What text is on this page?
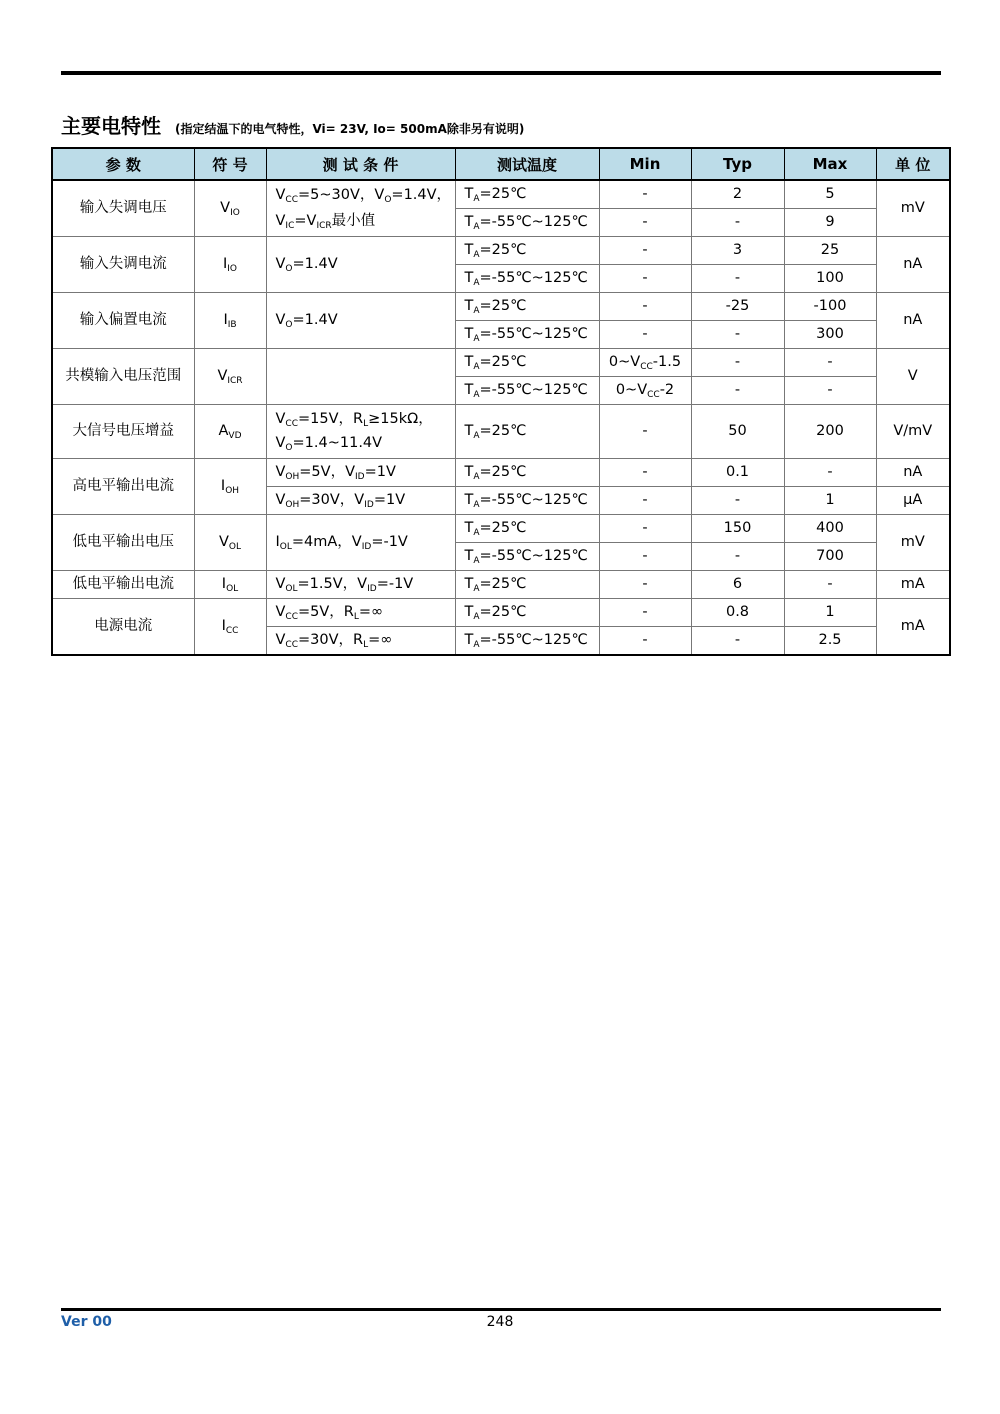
主要电特性 (指定结温下的电气特性，Vi= 23V, Io= 500mA除非另有说明)
参 数	符 号	测 试 条 件	测试温度	Min	Typ	Max	单 位
输入失调电压	$V_{IO}$	$V_{CC}=5\sim 30V$，$V_O=1.4V$，
$V_{IC}=V_{ICR}$最小值	$T_A=25℃$	-	2	5	mV
			$T_A=-55℃\sim 125℃$	-	-	9	
输入失调电流	$I_{IO}$	$V_O=1.4V$	$T_A=25℃$	-	3	25	nA
			$T_A=-55℃\sim 125℃$	-	-	100	
输入偏置电流	$I_{IB}$	$V_O=1.4V$	$T_A=25℃$	-	-25	-100	nA
			$T_A=-55℃\sim 125℃$	-	-	300	
共模输入电压范围	$V_{ICR}$		$T_A=25℃$	$0\sim V_{CC}-1.5$	-	-	V
			$T_A=-55℃\sim 125℃$	$0\sim V_{CC}-2$	-	-	
大信号电压增益	$A_{VD}$	$V_{CC}=15V$，$R_L\ge 15k\Omega$，
$V_O=1.4\sim 11.4V$	$T_A=25℃$	-	50	200	V/mV
高电平输出电流	$I_{OH}$	$V_{OH}=5V$，$V_{ID}=1V$	$T_A=25℃$	-	0.1	-	nA
		$V_{OH}=30V$，$V_{ID}=1V$	$T_A=-55℃\sim 125℃$	-	-	1	μA
低电平输出电压	$V_{OL}$	$I_{OL}=4mA$，$V_{ID}=-1V$	$T_A=25℃$	-	150	400	mV
			$T_A=-55℃\sim 125℃$	-	-	700	
低电平输出电流	$I_{OL}$	$V_{OL}=1.5V$，$V_{ID}=-1V$	$T_A=25℃$	-	6	-	mA
电源电流	$I_{CC}$	$V_{CC}=5V$，$R_L=\infty$	$T_A=25℃$	-	0.8	1	mA
		$V_{CC}=30V$，$R_L=\infty$	$T_A=-55℃\sim 125℃$	-	-	2.5	
Ver 00	248
